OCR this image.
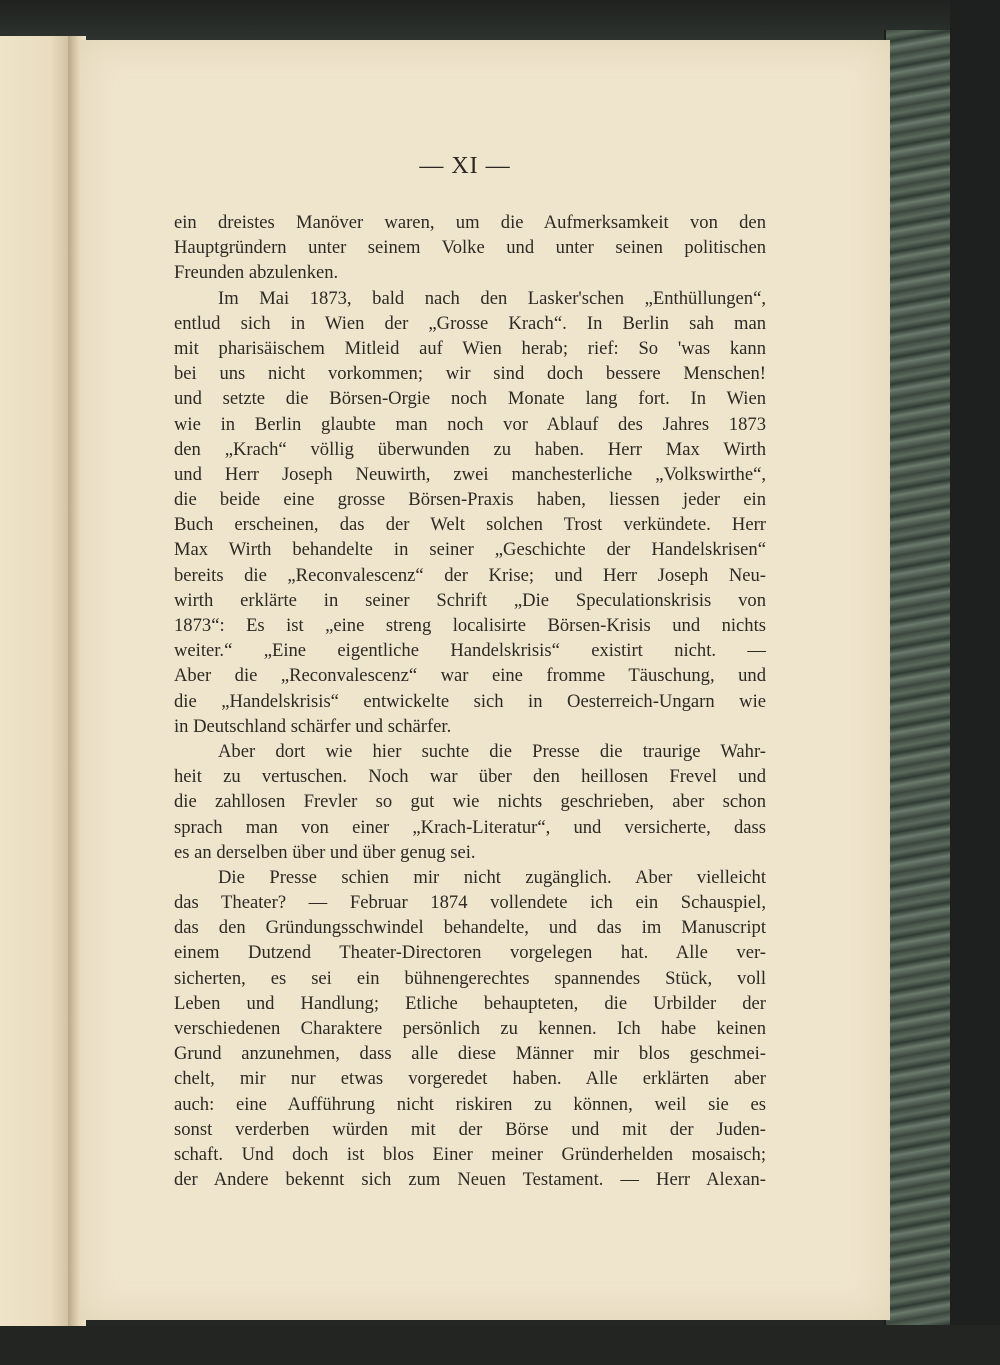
— XI —
ein dreistes Manöver waren, um die Aufmerksamkeit von den
Hauptgründern unter seinem Volke und unter seinen politischen
Freunden abzulenken.
Im Mai 1873, bald nach den Lasker'schen „Enthüllungen“,
entlud sich in Wien der „Grosse Krach“. In Berlin sah man
mit pharisäischem Mitleid auf Wien herab; rief: So 'was kann
bei uns nicht vorkommen; wir sind doch bessere Menschen!
und setzte die Börsen-Orgie noch Monate lang fort. In Wien
wie in Berlin glaubte man noch vor Ablauf des Jahres 1873
den „Krach“ völlig überwunden zu haben. Herr Max Wirth
und Herr Joseph Neuwirth, zwei manchesterliche „Volkswirthe“,
die beide eine grosse Börsen-Praxis haben, liessen jeder ein
Buch erscheinen, das der Welt solchen Trost verkündete. Herr
Max Wirth behandelte in seiner „Geschichte der Handelskrisen“
bereits die „Reconvalescenz“ der Krise; und Herr Joseph Neu-
wirth erklärte in seiner Schrift „Die Speculationskrisis von
1873“: Es ist „eine streng localisirte Börsen-Krisis und nichts
weiter.“ „Eine eigentliche Handelskrisis“ existirt nicht. —
Aber die „Reconvalescenz“ war eine fromme Täuschung, und
die „Handelskrisis“ entwickelte sich in Oesterreich-Ungarn wie
in Deutschland schärfer und schärfer.
Aber dort wie hier suchte die Presse die traurige Wahr-
heit zu vertuschen. Noch war über den heillosen Frevel und
die zahllosen Frevler so gut wie nichts geschrieben, aber schon
sprach man von einer „Krach-Literatur“, und versicherte, dass
es an derselben über und über genug sei.
Die Presse schien mir nicht zugänglich. Aber vielleicht
das Theater? — Februar 1874 vollendete ich ein Schauspiel,
das den Gründungsschwindel behandelte, und das im Manuscript
einem Dutzend Theater-Directoren vorgelegen hat. Alle ver-
sicherten, es sei ein bühnengerechtes spannendes Stück, voll
Leben und Handlung; Etliche behaupteten, die Urbilder der
verschiedenen Charaktere persönlich zu kennen. Ich habe keinen
Grund anzunehmen, dass alle diese Männer mir blos geschmei-
chelt, mir nur etwas vorgeredet haben. Alle erklärten aber
auch: eine Aufführung nicht riskiren zu können, weil sie es
sonst verderben würden mit der Börse und mit der Juden-
schaft. Und doch ist blos Einer meiner Gründerhelden mosaisch;
der Andere bekennt sich zum Neuen Testament. — Herr Alexan-
